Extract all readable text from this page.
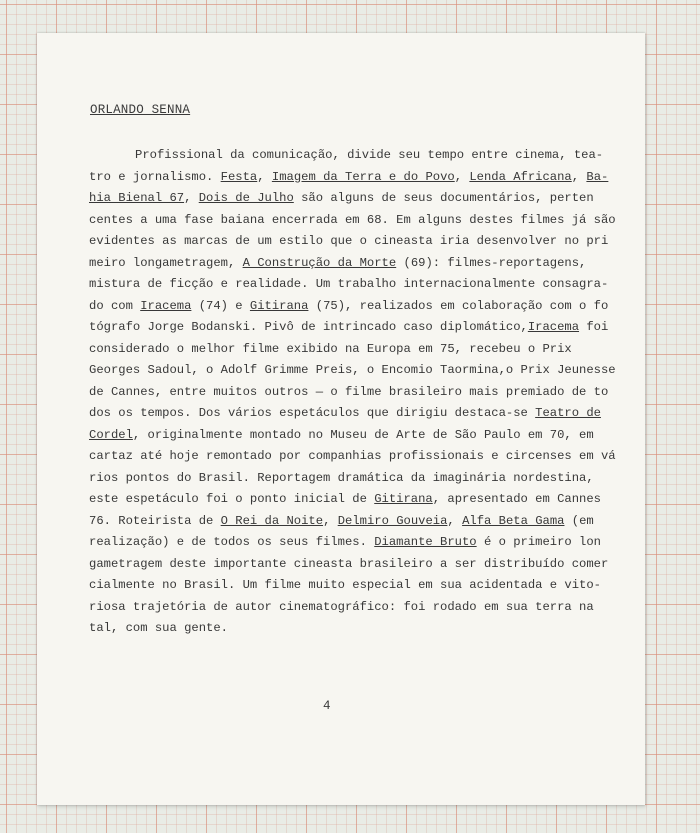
ORLANDO SENNA
Profissional da comunicação, divide seu tempo entre cinema, tea-
tro e jornalismo. Festa, Imagem da Terra e do Povo, Lenda Africana, Ba-
hia Bienal 67, Dois de Julho são alguns de seus documentários, perten
centes a uma fase baiana encerrada em 68. Em alguns destes filmes já são
evidentes as marcas de um estilo que o cineasta iria desenvolver no pri
meiro longametragem, A Construção da Morte (69): filmes-reportagens,
mistura de ficção e realidade. Um trabalho internacionalmente consagra-
do com Iracema (74) e Gitirana (75), realizados em colaboração com o fo
tógrafo Jorge Bodanski. Pivô de intrincado caso diplomático,Iracema foi
considerado o melhor filme exibido na Europa em 75, recebeu o Prix
Georges Sadoul, o Adolf Grimme Preis, o Encomio Taormina,o Prix Jeunesse
de Cannes, entre muitos outros — o filme brasileiro mais premiado de to
dos os tempos. Dos vários espetáculos que dirigiu destaca-se Teatro de
Cordel, originalmente montado no Museu de Arte de São Paulo em 70, em
cartaz até hoje remontado por companhias profissionais e circenses em vá
rios pontos do Brasil. Reportagem dramática da imaginária nordestina,
este espetáculo foi o ponto inicial de Gitirana, apresentado em Cannes
76. Roteirista de O Rei da Noite, Delmiro Gouveia, Alfa Beta Gama (em
realização) e de todos os seus filmes. Diamante Bruto é o primeiro lon
gametragem deste importante cineasta brasileiro a ser distribuído comer
cialmente no Brasil. Um filme muito especial em sua acidentada e vito-
riosa trajetória de autor cinematográfico: foi rodado em sua terra na
tal, com sua gente.
4
